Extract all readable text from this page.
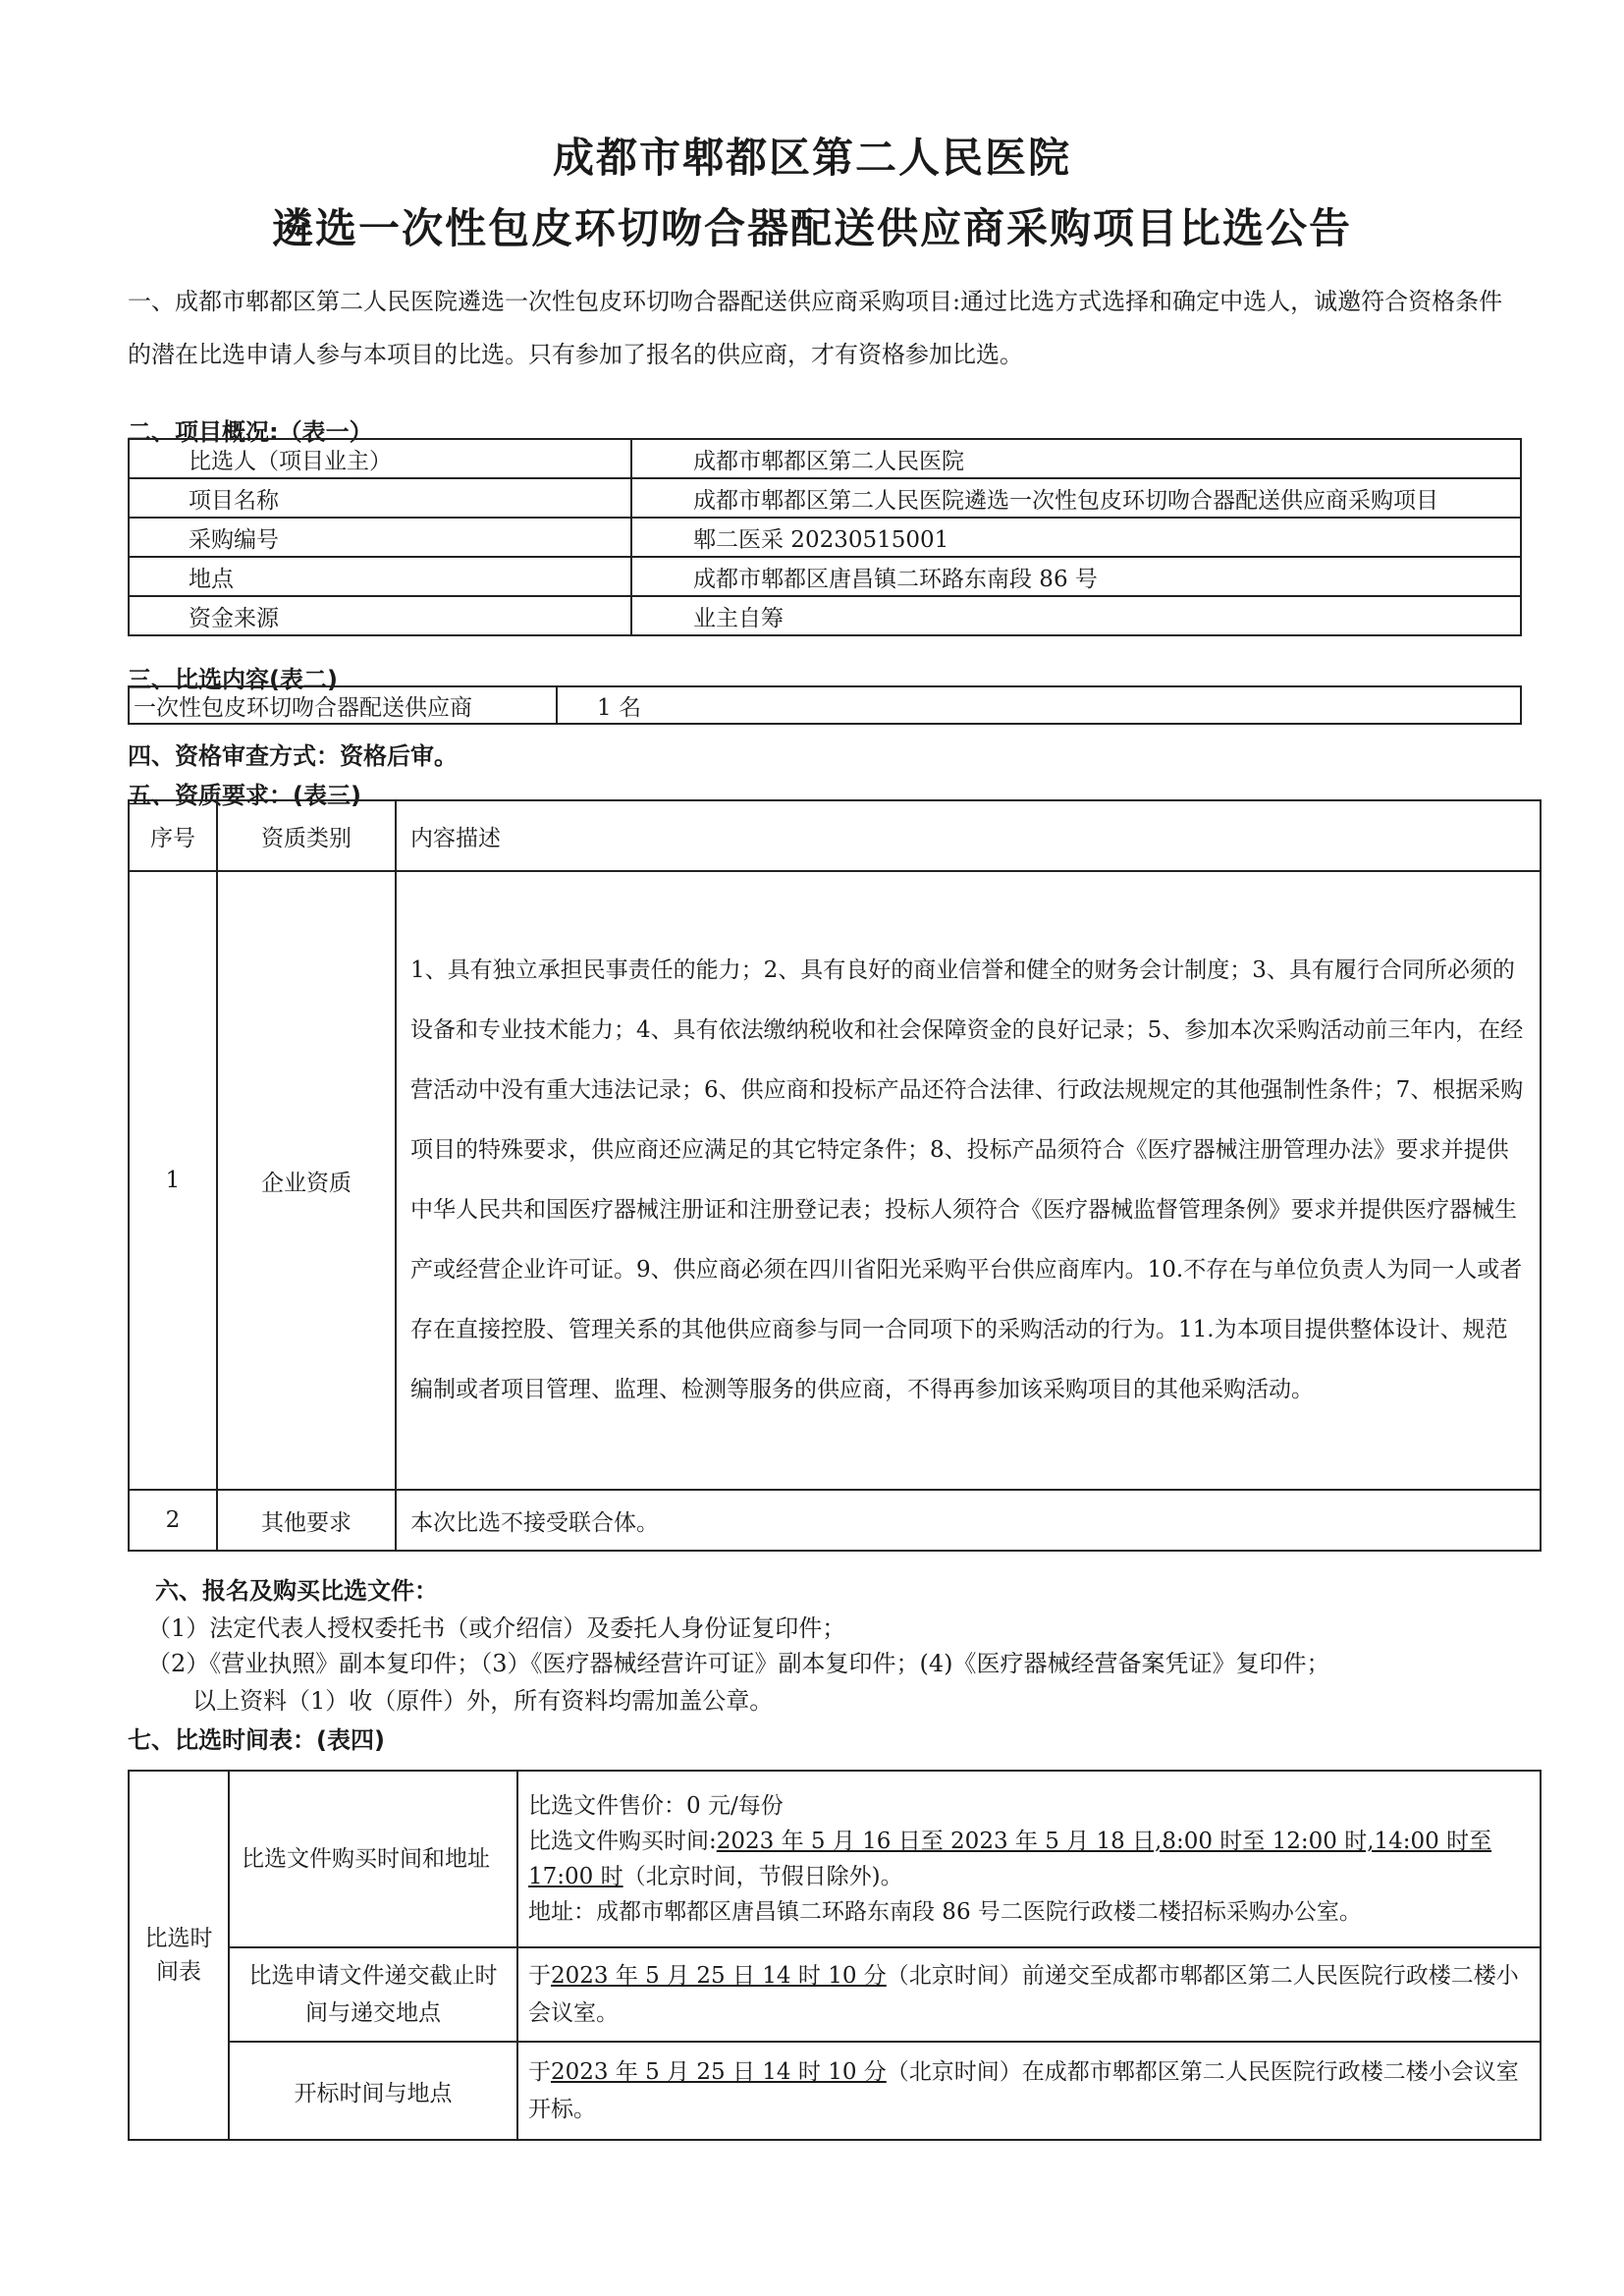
成都市郫都区第二人民医院
遴选一次性包皮环切吻合器配送供应商采购项目比选公告
一、成都市郫都区第二人民医院遴选一次性包皮环切吻合器配送供应商采购项目:通过比选方式选择和确定中选人，诚邀符合资格条件的潜在比选申请人参与本项目的比选。只有参加了报名的供应商，才有资格参加比选。
二、项目概况:（表一）
比选人（项目业主）	成都市郫都区第二人民医院
项目名称	成都市郫都区第二人民医院遴选一次性包皮环切吻合器配送供应商采购项目
采购编号	郫二医采 20230515001
地点	成都市郫都区唐昌镇二环路东南段 86 号
资金来源	业主自筹
三、比选内容(表二)
一次性包皮环切吻合器配送供应商	1 名
四、资格审查方式：资格后审。
五、资质要求：(表三)
序号	资质类别	内容描述
1	企业资质	1、具有独立承担民事责任的能力；2、具有良好的商业信誉和健全的财务会计制度；3、具有履行合同所必须的设备和专业技术能力；4、具有依法缴纳税收和社会保障资金的良好记录；5、参加本次采购活动前三年内，在经营活动中没有重大违法记录；6、供应商和投标产品还符合法律、行政法规规定的其他强制性条件；7、根据采购项目的特殊要求，供应商还应满足的其它特定条件；8、投标产品须符合《医疗器械注册管理办法》要求并提供中华人民共和国医疗器械注册证和注册登记表；投标人须符合《医疗器械监督管理条例》要求并提供医疗器械生产或经营企业许可证。9、供应商必须在四川省阳光采购平台供应商库内。10.不存在与单位负责人为同一人或者存在直接控股、管理关系的其他供应商参与同一合同项下的采购活动的行为。11.为本项目提供整体设计、规范编制或者项目管理、监理、检测等服务的供应商，不得再参加该采购项目的其他采购活动。
2	其他要求	本次比选不接受联合体。
六、报名及购买比选文件：
（1）法定代表人授权委托书（或介绍信）及委托人身份证复印件；
（2）《营业执照》副本复印件；（3）《医疗器械经营许可证》副本复印件；(4)《医疗器械经营备案凭证》复印件；
以上资料（1）收（原件）外，所有资料均需加盖公章。
七、比选时间表：(表四)
比选时间表	比选文件购买时间和地址	比选文件售价：0 元/每份
比选文件购买时间:2023 年 5 月 16 日至 2023 年 5 月 18 日,8:00 时至 12:00 时,14:00 时至 17:00 时（北京时间，节假日除外)。
地址：成都市郫都区唐昌镇二环路东南段 86 号二医院行政楼二楼招标采购办公室。

	比选申请文件递交截止时间与递交地点	于2023 年 5 月 25 日 14 时 10 分（北京时间）前递交至成都市郫都区第二人民医院行政楼二楼小会议室。
	开标时间与地点	于2023 年 5 月 25 日 14 时 10 分（北京时间）在成都市郫都区第二人民医院行政楼二楼小会议室开标。
